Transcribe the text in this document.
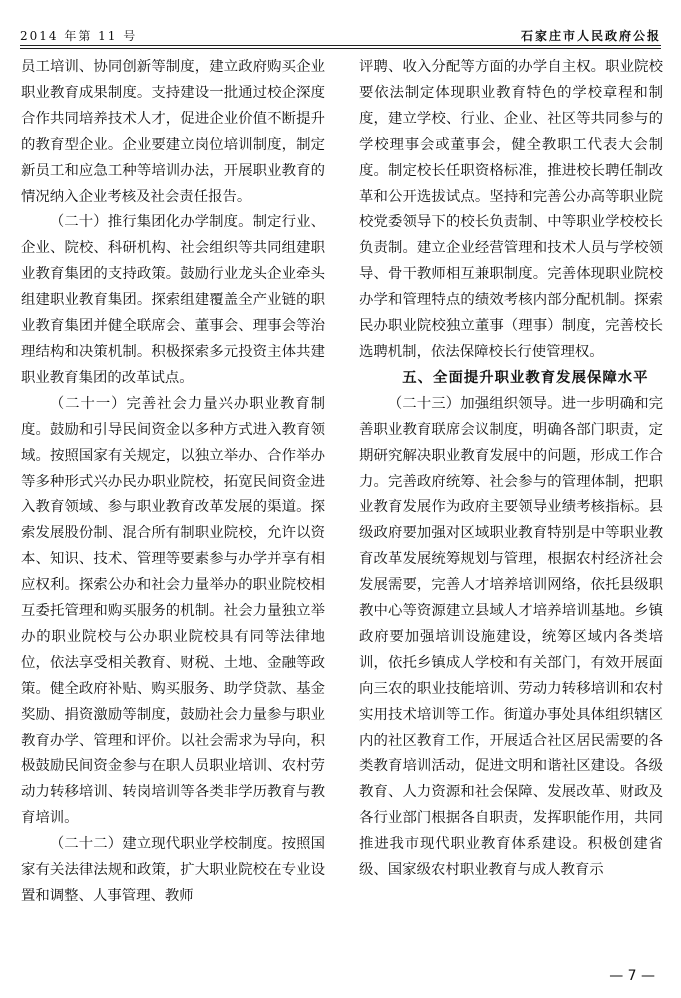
2014 年第 11 号	石家庄市人民政府公报

员工培训、协同创新等制度，建立政府购买企业职业教育成果制度。支持建设一批通过校企深度合作共同培养技术人才，促进企业价值不断提升的教育型企业。企业要建立岗位培训制度，制定新员工和应急工种等培训办法，开展职业教育的情况纳入企业考核及社会责任报告。

（二十）推行集团化办学制度。制定行业、企业、院校、科研机构、社会组织等共同组建职业教育集团的支持政策。鼓励行业龙头企业牵头组建职业教育集团。探索组建覆盖全产业链的职业教育集团并健全联席会、董事会、理事会等治理结构和决策机制。积极探索多元投资主体共建职业教育集团的改革试点。

（二十一）完善社会力量兴办职业教育制度。鼓励和引导民间资金以多种方式进入教育领域。按照国家有关规定，以独立举办、合作举办等多种形式兴办民办职业院校，拓宽民间资金进入教育领域、参与职业教育改革发展的渠道。探索发展股份制、混合所有制职业院校，允许以资本、知识、技术、管理等要素参与办学并享有相应权利。探索公办和社会力量举办的职业院校相互委托管理和购买服务的机制。社会力量独立举办的职业院校与公办职业院校具有同等法律地位，依法享受相关教育、财税、土地、金融等政策。健全政府补贴、购买服务、助学贷款、基金奖励、捐资激励等制度，鼓励社会力量参与职业教育办学、管理和评价。以社会需求为导向，积极鼓励民间资金参与在职人员职业培训、农村劳动力转移培训、转岗培训等各类非学历教育与教育培训。

（二十二）建立现代职业学校制度。按照国家有关法律法规和政策，扩大职业院校在专业设置和调整、人事管理、教师

评聘、收入分配等方面的办学自主权。职业院校要依法制定体现职业教育特色的学校章程和制度，建立学校、行业、企业、社区等共同参与的学校理事会或董事会，健全教职工代表大会制度。制定校长任职资格标准，推进校长聘任制改革和公开选拔试点。坚持和完善公办高等职业院校党委领导下的校长负责制、中等职业学校校长负责制。建立企业经营管理和技术人员与学校领导、骨干教师相互兼职制度。完善体现职业院校办学和管理特点的绩效考核内部分配机制。探索民办职业院校独立董事（理事）制度，完善校长选聘机制，依法保障校长行使管理权。

五、全面提升职业教育发展保障水平

（二十三）加强组织领导。进一步明确和完善职业教育联席会议制度，明确各部门职责，定期研究解决职业教育发展中的问题，形成工作合力。完善政府统筹、社会参与的管理体制，把职业教育发展作为政府主要领导业绩考核指标。县级政府要加强对区域职业教育特别是中等职业教育改革发展统筹规划与管理，根据农村经济社会发展需要，完善人才培养培训网络，依托县级职教中心等资源建立县域人才培养培训基地。乡镇政府要加强培训设施建设，统筹区域内各类培训，依托乡镇成人学校和有关部门，有效开展面向三农的职业技能培训、劳动力转移培训和农村实用技术培训等工作。街道办事处具体组织辖区内的社区教育工作，开展适合社区居民需要的各类教育培训活动，促进文明和谐社区建设。各级教育、人力资源和社会保障、发展改革、财政及各行业部门根据各自职责，发挥职能作用，共同推进我市现代职业教育体系建设。积极创建省级、国家级农村职业教育与成人教育示

— 7 —
